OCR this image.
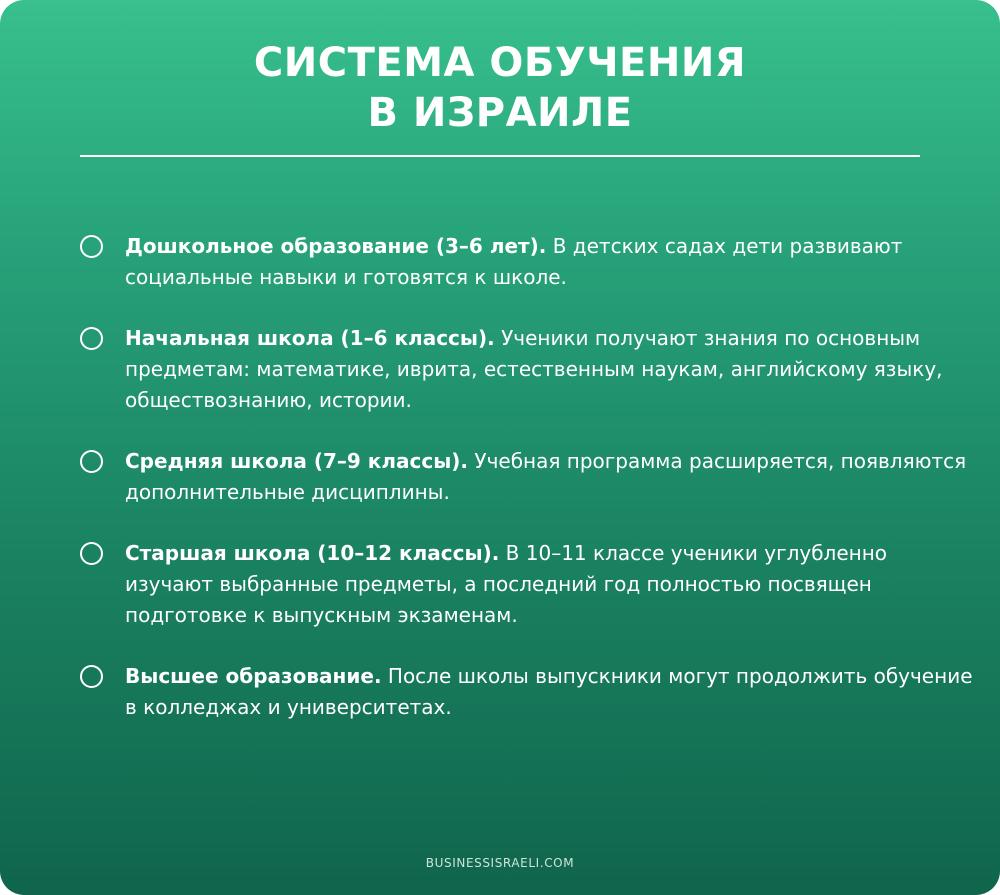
СИСТЕМА ОБУЧЕНИЯ
В ИЗРАИЛЕ
Дошкольное образование (3–6 лет). В детских садах дети развивают социальные навыки и готовятся к школе.
Начальная школа (1–6 классы). Ученики получают знания по основным предметам: математике, иврита, естественным наукам, английскому языку, обществознанию, истории.
Средняя школа (7–9 классы). Учебная программа расширяется, появляются дополнительные дисциплины.
Старшая школа (10–12 классы). В 10–11 классе ученики углубленно изучают выбранные предметы, а последний год полностью посвящен подготовке к выпускным экзаменам.
Высшее образование. После школы выпускники могут продолжить обучение в колледжах и университетах.
BUSINESSISRAELI.COM
